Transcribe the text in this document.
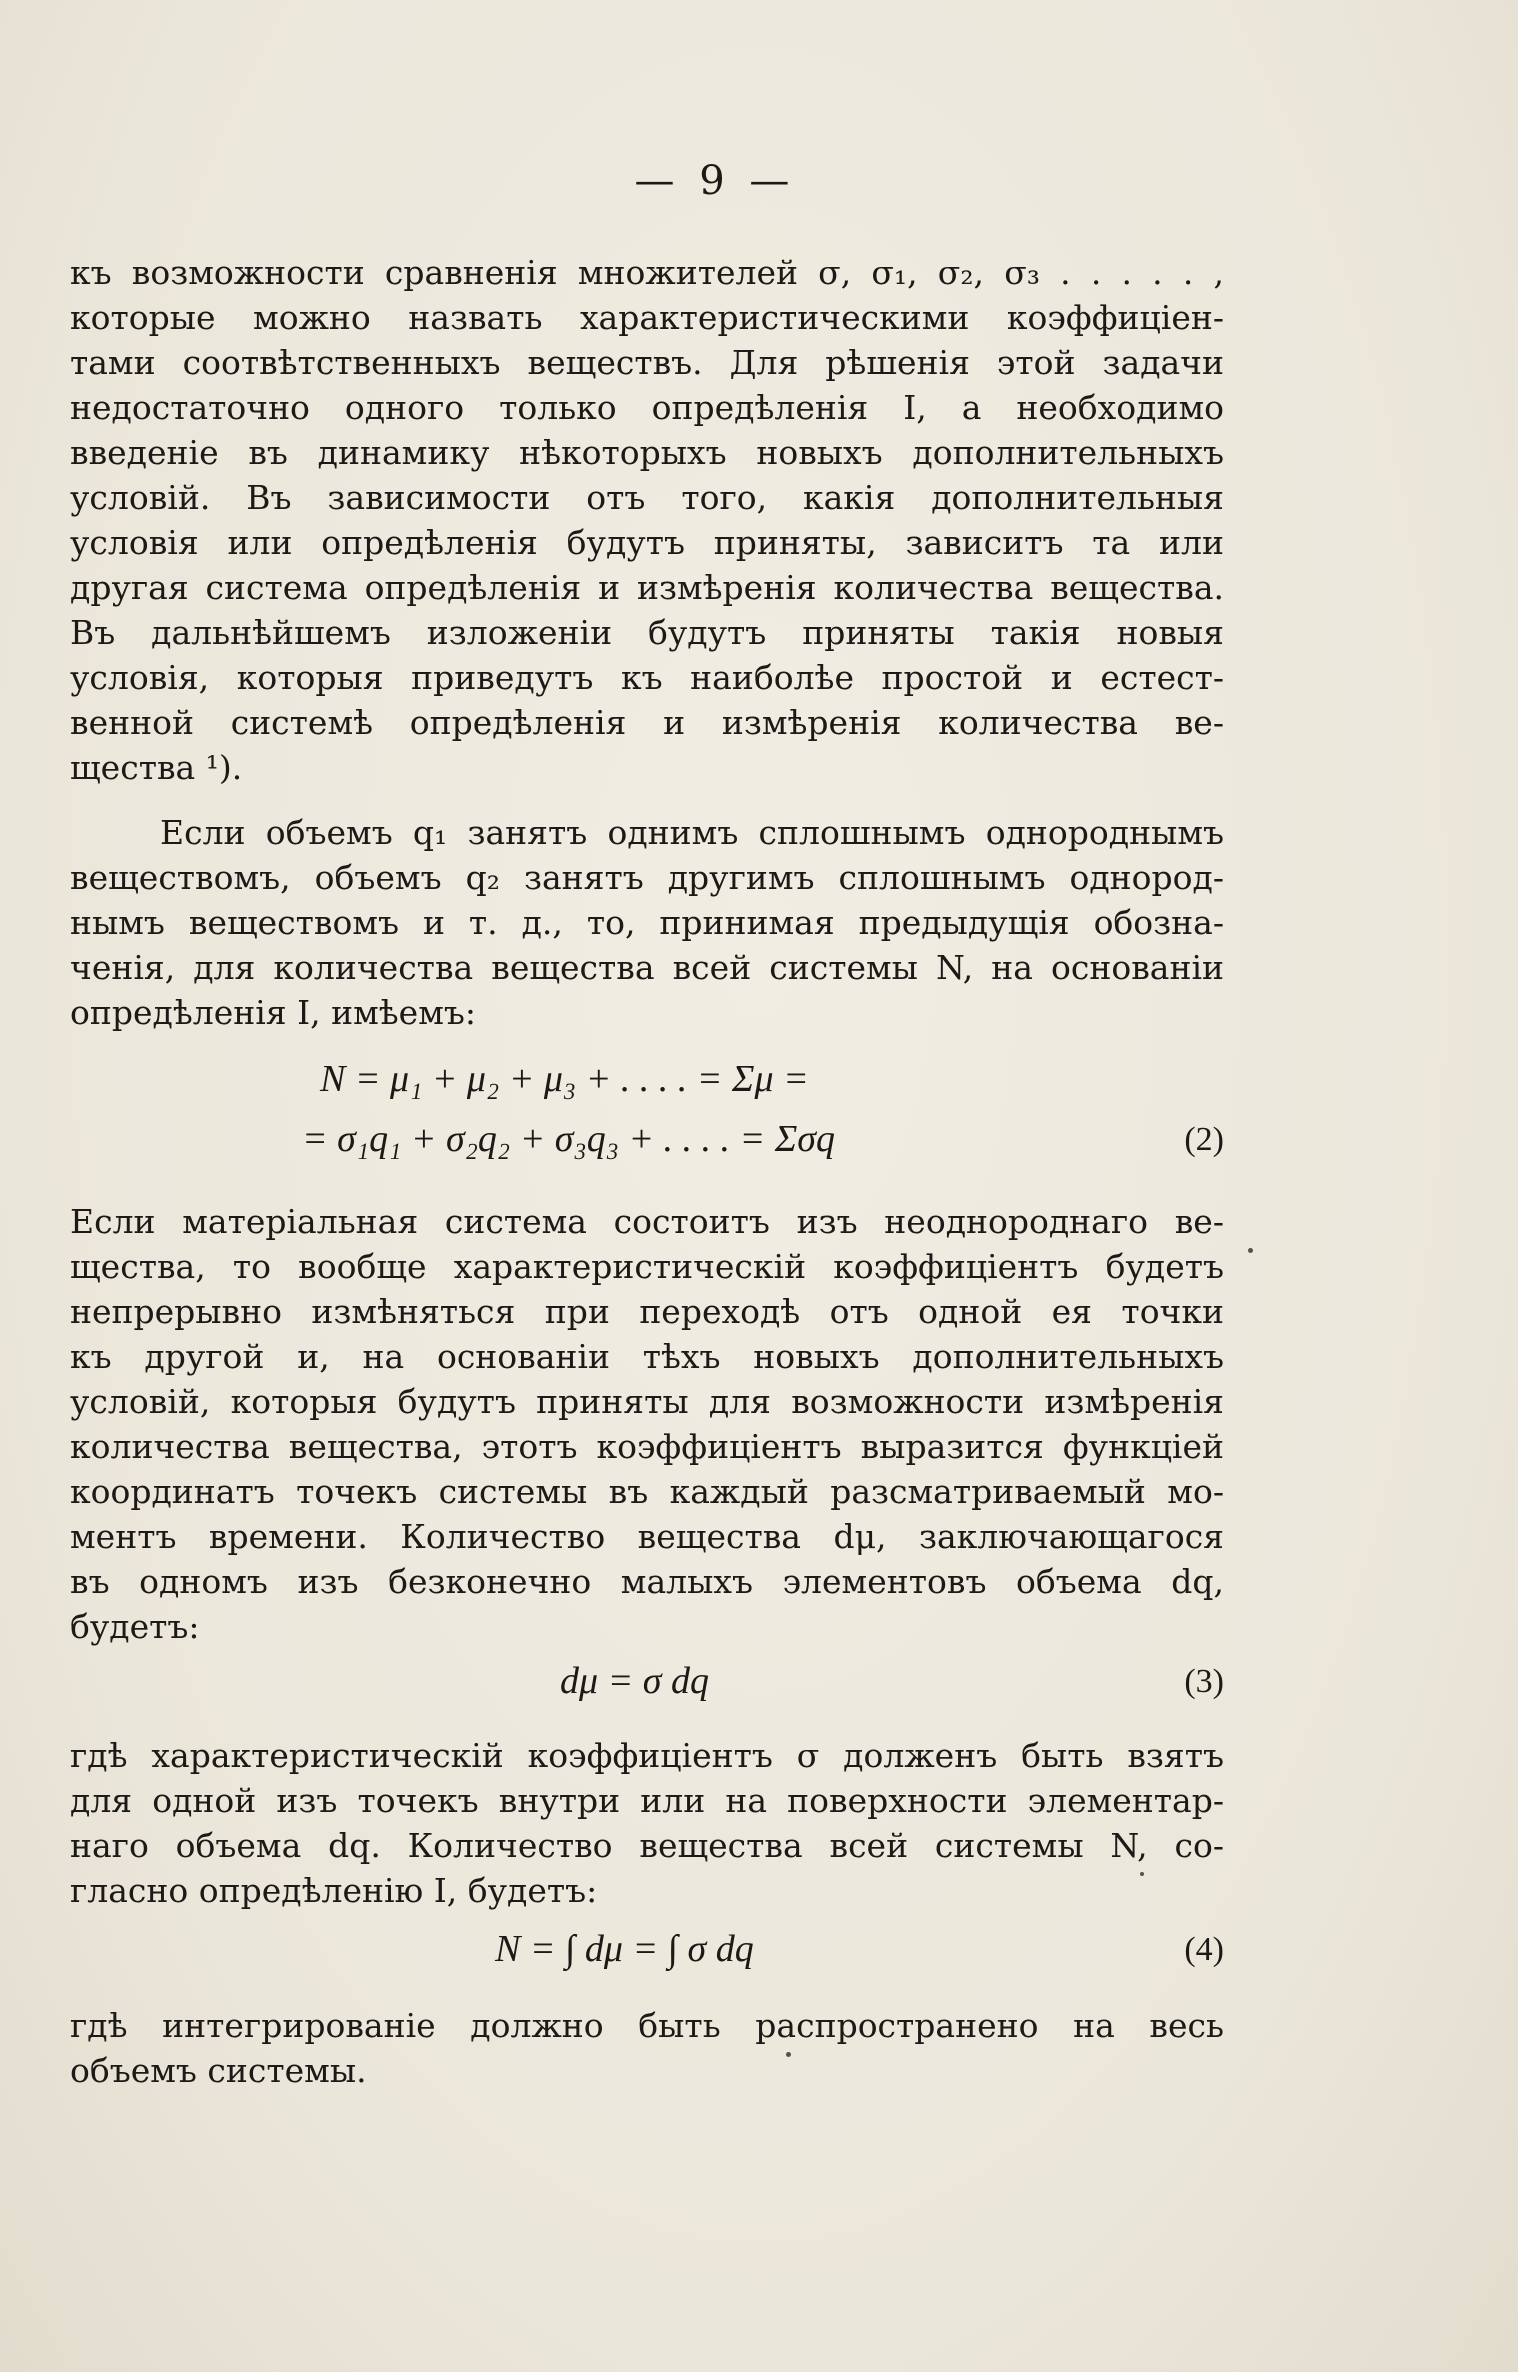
— 9 —
къ возможности сравненія множителей σ, σ₁, σ₂, σ₃ . . . . . ,
которые можно назвать характеристическими коэффиціен-
тами соотвѣтственныхъ веществъ. Для рѣшенія этой задачи
недостаточно одного только опредѣленія I, а необходимо
введеніе въ динамику нѣкоторыхъ новыхъ дополнительныхъ
условій. Въ зависимости отъ того, какія дополнительныя
условія или опредѣленія будутъ приняты, зависитъ та или
другая система опредѣленія и измѣренія количества вещества.
Въ дальнѣйшемъ изложеніи будутъ приняты такія новыя
условія, которыя приведутъ къ наиболѣе простой и естест-
венной системѣ опредѣленія и измѣренія количества ве-
щества ¹).
Если объемъ q₁ занятъ однимъ сплошнымъ однороднымъ
веществомъ, объемъ q₂ занятъ другимъ сплошнымъ однород-
нымъ веществомъ и т. д., то, принимая предыдущія обозна-
ченія, для количества вещества всей системы N, на основаніи
опредѣленія I, имѣемъ:
N = μ₁ + μ₂ + μ₃ + . . . . = Σμ =
= σ₁q₁ + σ₂q₂ + σ₃q₃ + . . . . = Σσq	(2)
Если матеріальная система состоитъ изъ неоднороднаго ве-
щества, то вообще характеристическій коэффиціентъ будетъ
непрерывно измѣняться при переходѣ отъ одной ея точки
къ другой и, на основаніи тѣхъ новыхъ дополнительныхъ
условій, которыя будутъ приняты для возможности измѣренія
количества вещества, этотъ коэффиціентъ выразится функціей
координатъ точекъ системы въ каждый разсматриваемый мо-
ментъ времени. Количество вещества dμ, заключающагося
въ одномъ изъ безконечно малыхъ элементовъ объема dq,
будетъ:
dμ = σ dq	(3)
гдѣ характеристическій коэффиціентъ σ долженъ быть взятъ
для одной изъ точекъ внутри или на поверхности элементар-
наго объема dq. Количество вещества всей системы N, со-
гласно опредѣленію I, будетъ:
N = ∫ dμ = ∫ σ dq	(4)
гдѣ интегрированіе должно быть распространено на весь
объемъ системы.
